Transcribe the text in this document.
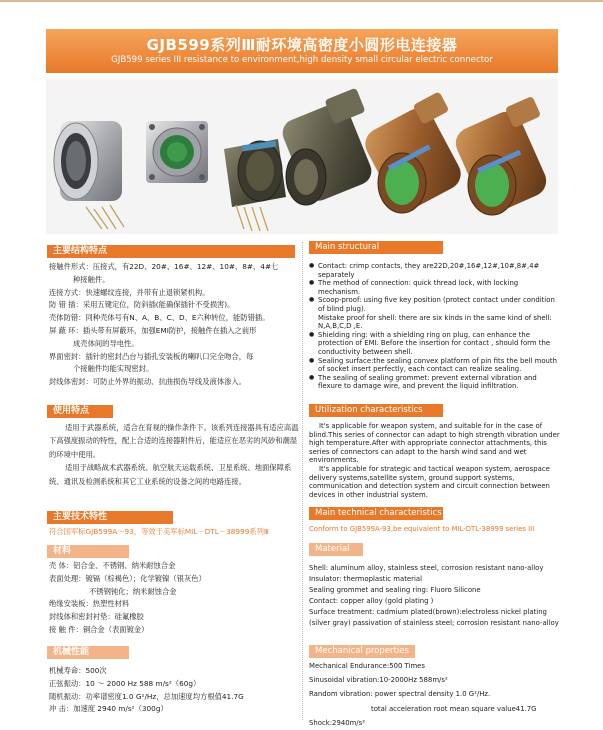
GJB599系列Ⅲ耐环境高密度小圆形电连接器
GJB599 series III resistance to environment,high density small circular electric connector
主要结构特点
接触件形式：压接式，有22D、20#、16#、12#、10#、8#、4#七
种接触件。
连接方式：快速螺纹连接，并带有止退锁紧机构。
防 错 插：采用五键定位，防斜插(能确保插针不受损害)。
壳体防错：同种壳体号有N、A、B、C、D、E六种转位，能防错插。
屏 蔽 环：插头带有屏蔽环，加强EMI防护，接触件在插入之前形
成壳体间的导电性。
界面密封：插针的密封凸台与插孔安装板的喇叭口完全吻合，每
个接触件均能实现密封。
封线体密封：可防止外界的振动、抗曲损伤导线及液体渗入。
使用特点
适用于武器系统，适合在育视的操作条件下。该系列连接器具有适应高温下高强度振动的特性，配上合适的连接器附件后，能适应在恶劣的风砂和潮湿的环境中使用。
适用于战略战术武器系统、航空航天运载系统、卫星系统、地面保障系统、通讯及检测系统和其它工业系统的设备之间的电路连接。
主要技术特性
符合国军标GJB599A～93，等效于美军标MIL－DTL－38999系列Ⅲ
材料
壳 体：铝合金、不锈钢、纳米耐蚀合金
表面处理：镀镉（棕褐色）；化学镀镍（银灰色）
不锈钢钝化；纳米耐蚀合金
绝缘安装板：热塑性材料
封线体和密封衬垫：硅氟橡胶
接 触 件：铜合金（表面镀金）
机械性能
机械寿命：500次
正弦振动：10 ～ 2000 Hz 588 m/s²（60g）
随机振动：功率谱密度1.0 G²/Hz，总加速度均方根值41.7G
冲 击：加速度 2940 m/s²（300g）
Main structural characteristics
● Contact: crimp contacts, they are22D,20#,16#,12#,10#,8#,4# separately
● The method of connection: quick thread lock, with locking mechanism.
● Scoop-proof: using five key position (protect contact under condition of blind plug).
Mistake proof for shell: there are six kinds in the same kind of shell: N,A,B,C,D ,E.
● Shielding ring: with a shielding ring on plug, can enhance the protection of EMI. Before the insertion for contact , should form the conductivity between shell.
● Sealing surface:the sealing convex platform of pin fits the bell mouth of socket insert perfectly, each contact can realize sealing.
● The sealing of sealing grommet: prevent external vibration and flexure to damage wire, and prevent the liquid infiltration.
Utilization characteristics
It's applicable for weapon system, and suitable for in the case of blind.This series of connector can adapt to high strength vibration under high temperature.After with appropriate connector attachments, this series of connectors can adapt to the harsh wind sand and wet environments.
It's applicable for strategic and tactical weapon system, aerospace delivery systems,satellite system, ground support systems, communication and detection system and circuit connection between devices in other industrial system.
Main technical characteristics
Conform to GJB599A-93,be equivalent to MIL-DTL-38999 series III
Material
Shell: aluminum alloy, stainless steel, corrosion resistant nano-alloy
Insulator: thermoplastic material
Sealing grommet and sealing ring: Fluoro Silicone
Contact: copper alloy (gold plating )
Surface treatment: cadmium plated(brown):electroless nickel plating (silver gray) passivation of stainless steel; corrosion resistant nano-alloy
Mechanical properties
Mechanical Endurance:500 Times
Sinusoidal vibration:10-2000Hz 588m/s²
Random vibration: power spectral density 1.0 G²/Hz.
total acceleration root mean square value41.7G
Shock:2940m/s²
